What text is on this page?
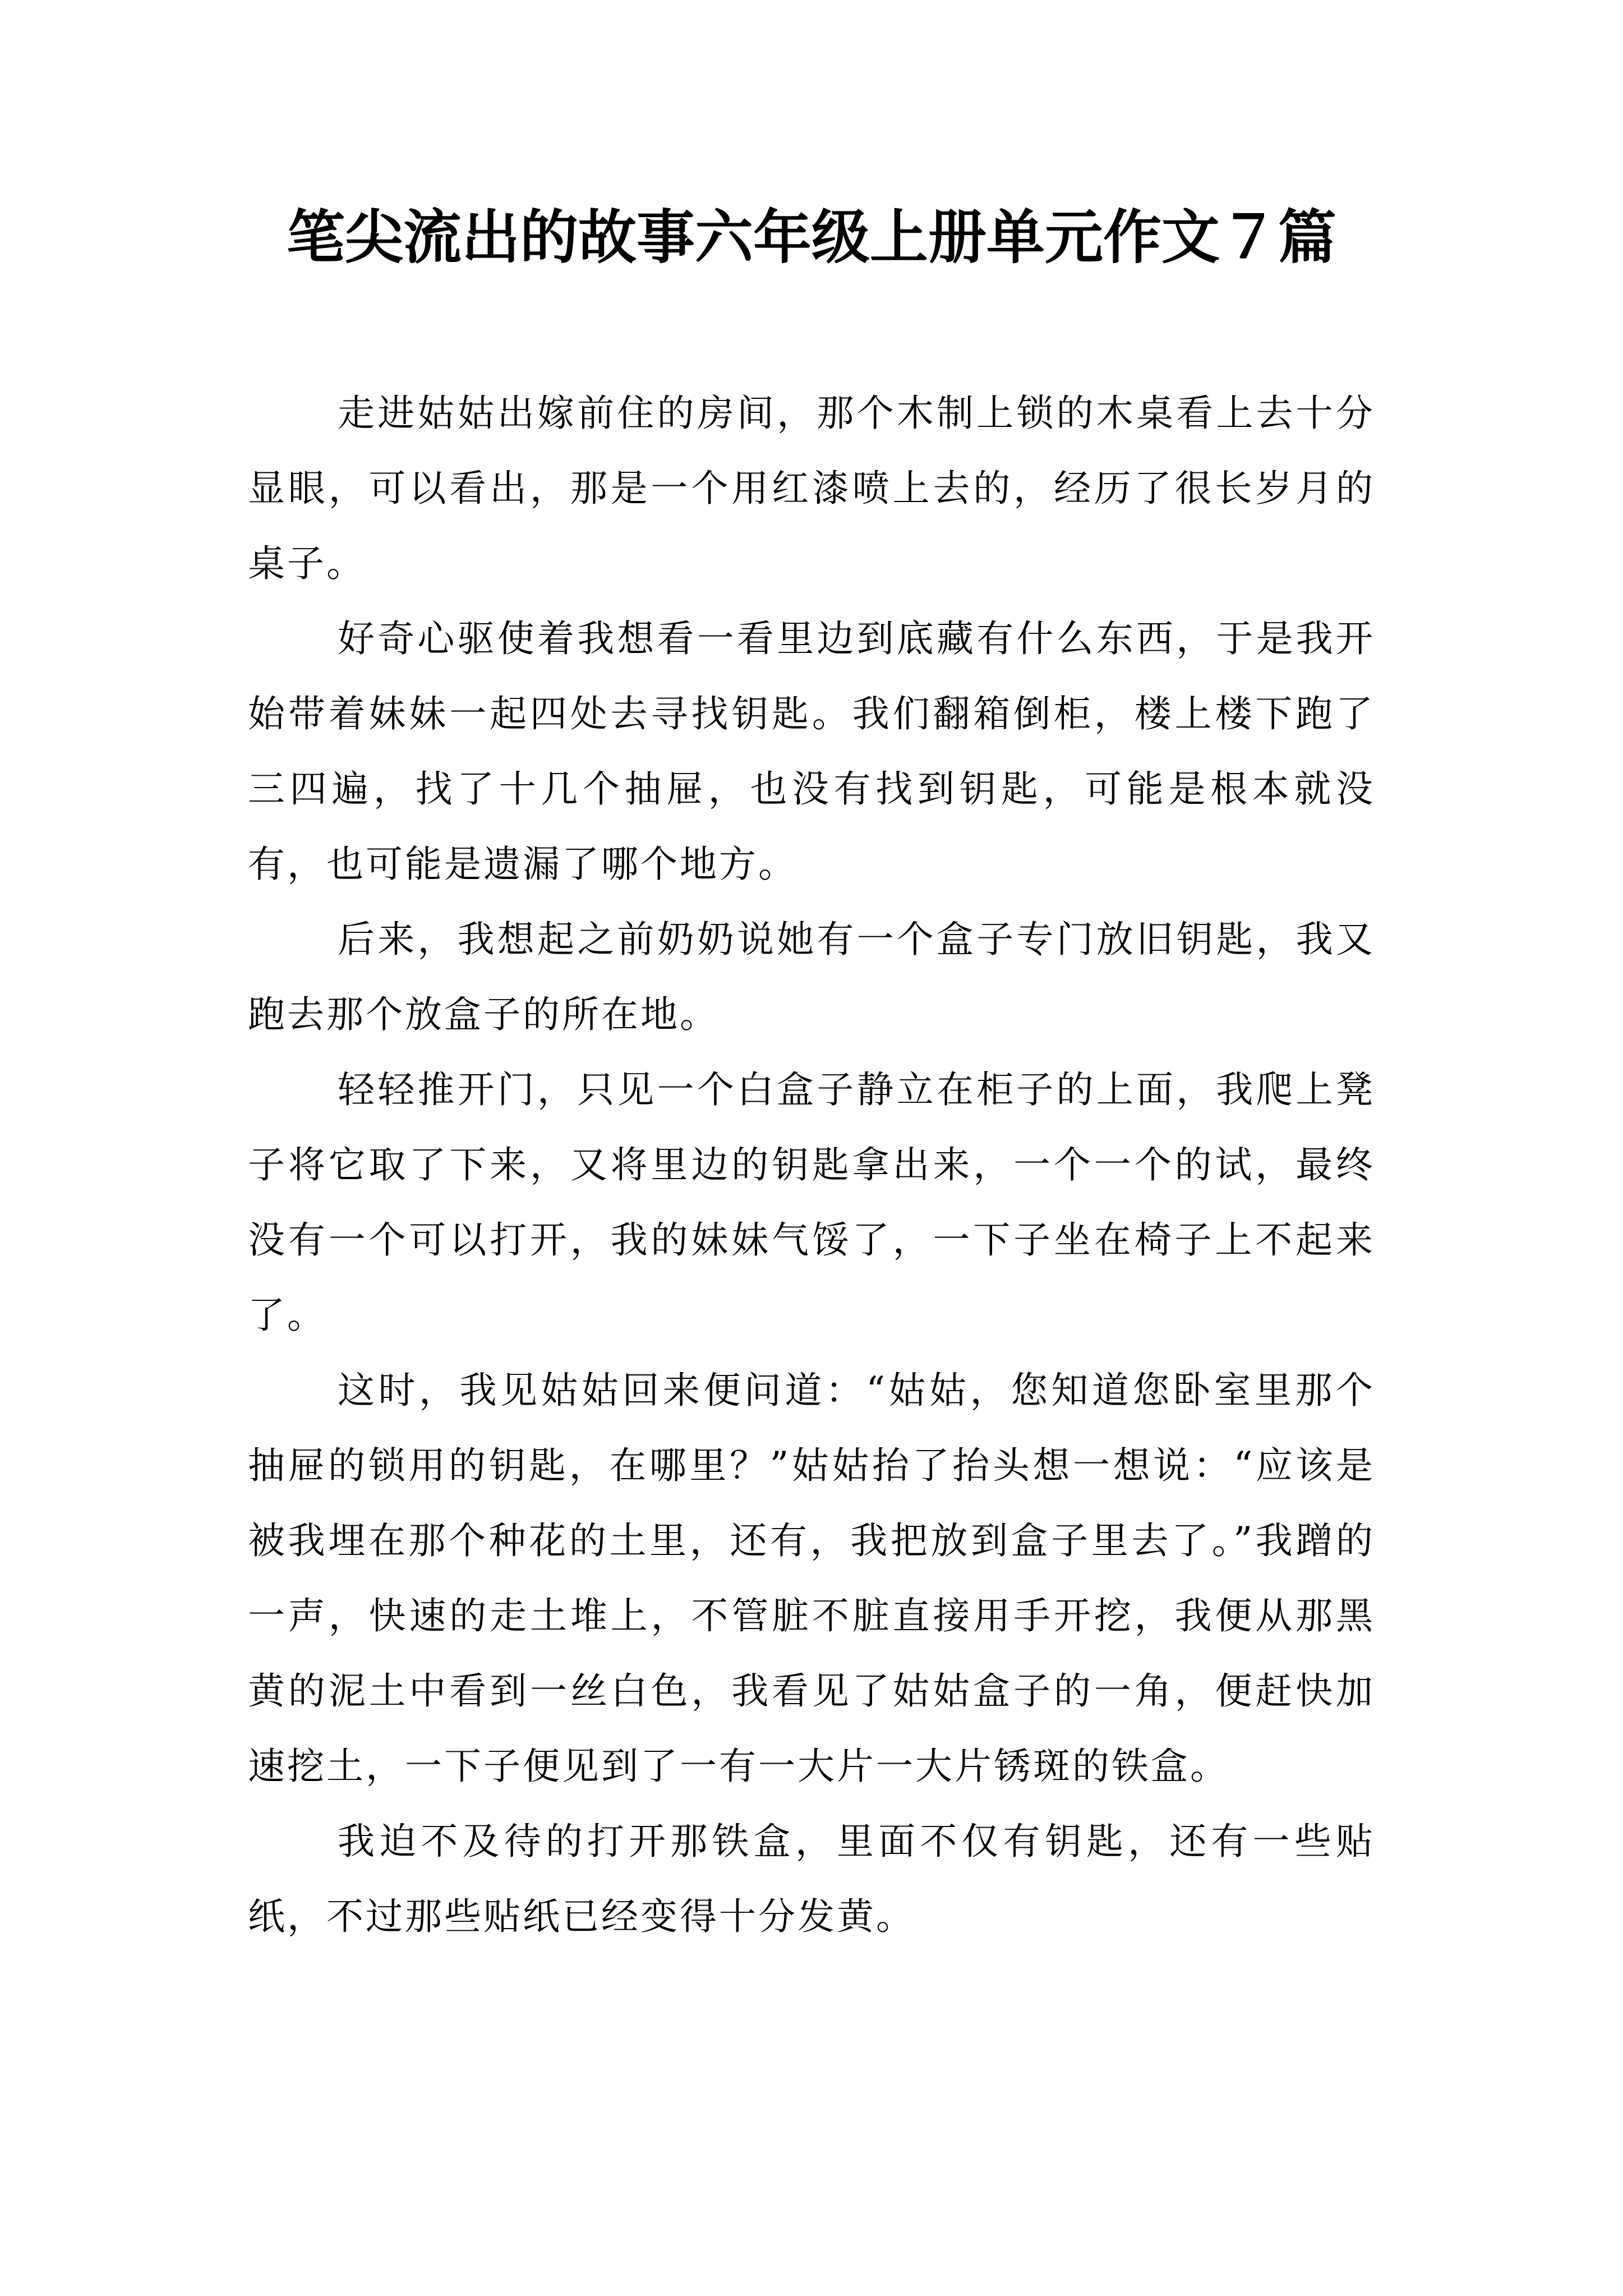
笔尖流出的故事六年级上册单元作文７篇

走进姑姑出嫁前住的房间，那个木制上锁的木桌看上去十分显眼，可以看出，那是一个用红漆喷上去的，经历了很长岁月的桌子。

好奇心驱使着我想看一看里边到底藏有什么东西，于是我开始带着妹妹一起四处去寻找钥匙。我们翻箱倒柜，楼上楼下跑了三四遍，找了十几个抽屉，也没有找到钥匙，可能是根本就没有，也可能是遗漏了哪个地方。

后来，我想起之前奶奶说她有一个盒子专门放旧钥匙，我又跑去那个放盒子的所在地。

轻轻推开门，只见一个白盒子静立在柜子的上面，我爬上凳子将它取了下来，又将里边的钥匙拿出来，一个一个的试，最终没有一个可以打开，我的妹妹气馁了，一下子坐在椅子上不起来了。

这时，我见姑姑回来便问道：“姑姑，您知道您卧室里那个抽屉的锁用的钥匙，在哪里？”姑姑抬了抬头想一想说：“应该是被我埋在那个种花的土里，还有，我把放到盒子里去了。”我蹭的一声，快速的走土堆上，不管脏不脏直接用手开挖，我便从那黑黄的泥土中看到一丝白色，我看见了姑姑盒子的一角，便赶快加速挖土，一下子便见到了一有一大片一大片锈斑的铁盒。

我迫不及待的打开那铁盒，里面不仅有钥匙，还有一些贴纸，不过那些贴纸已经变得十分发黄。
